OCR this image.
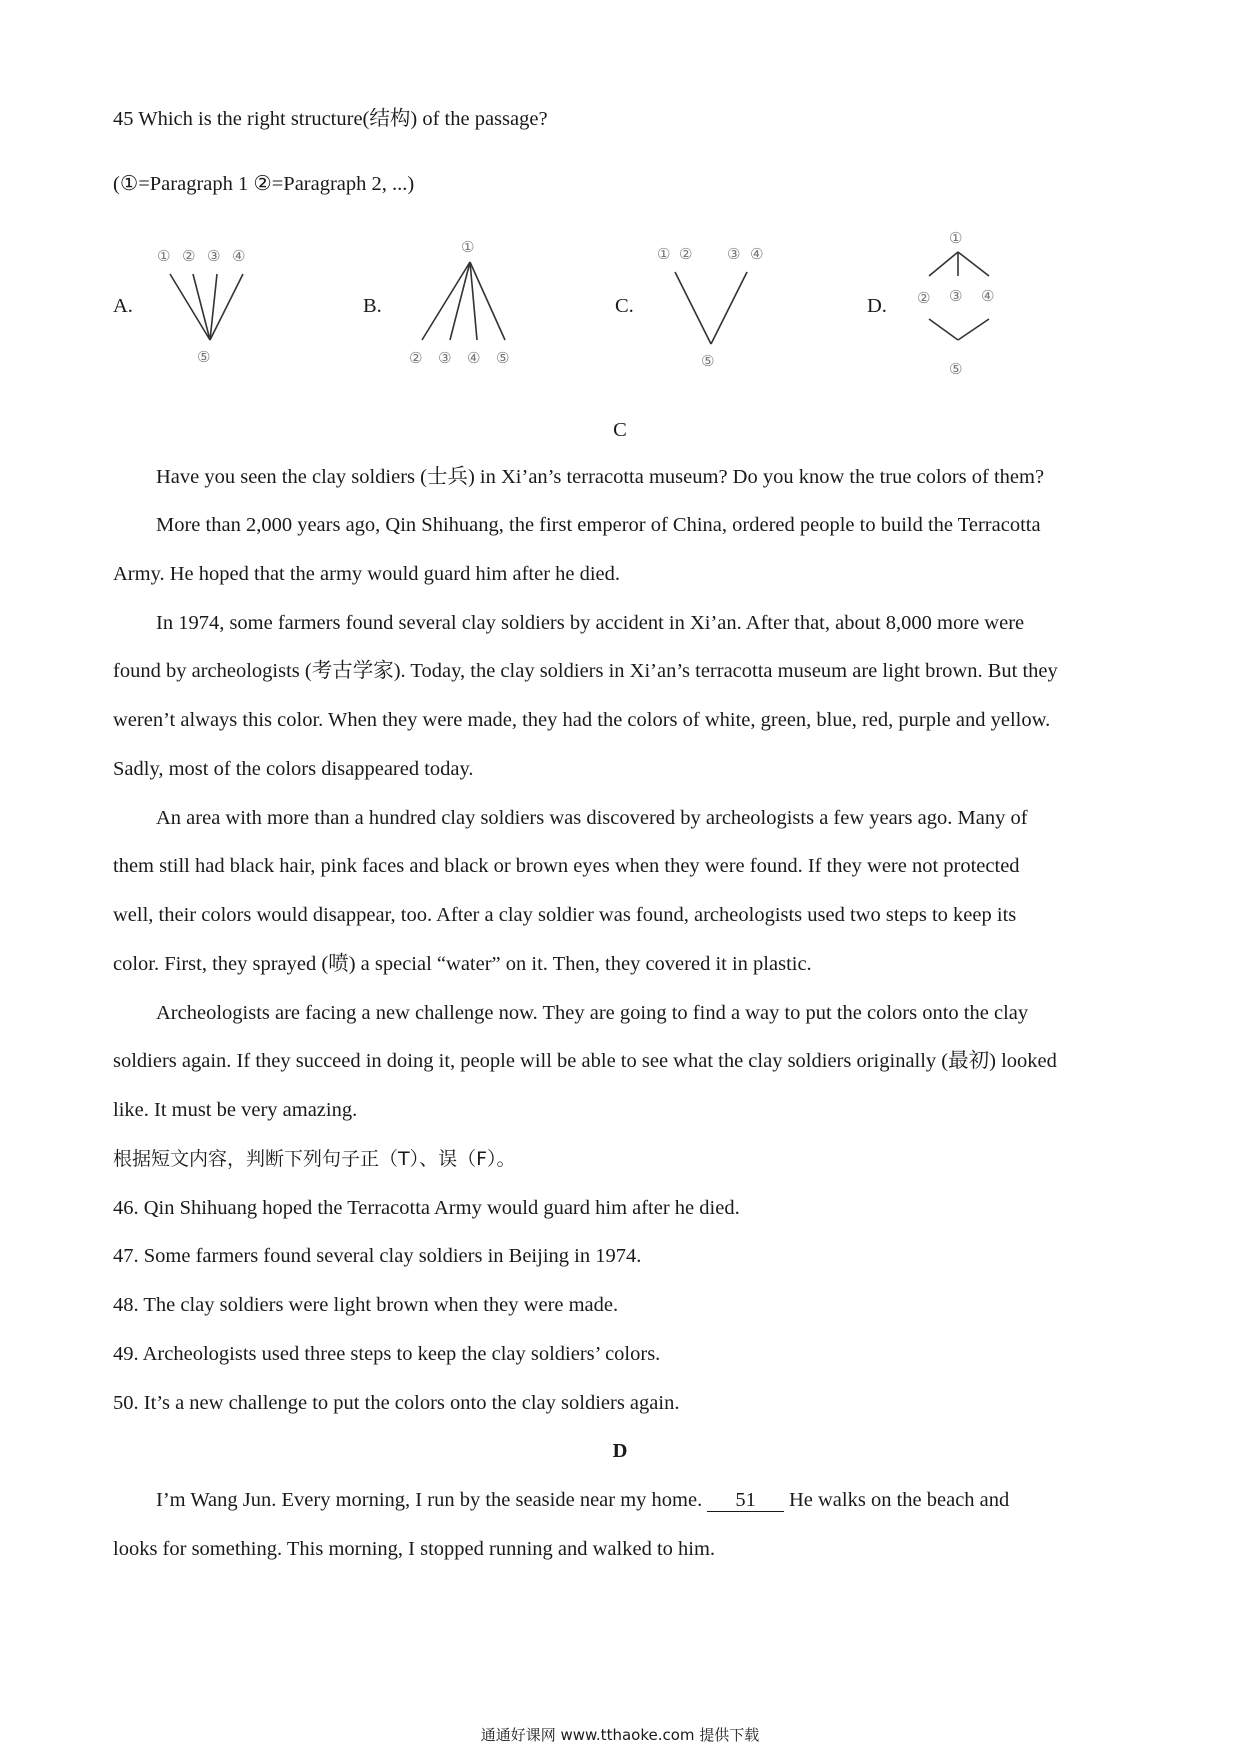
45 Which is the right structure(结构) of the passage?
(①=Paragraph 1 ②=Paragraph 2, ...)
A.
① ② ③ ④
⑤
B.
①
② ③ ④ ⑤
C.
① ② ③ ④
⑤
D.
①
② ③ ④
⑤
C
Have you seen the clay soldiers (士兵) in Xi’an’s terracotta museum? Do you know the true colors of them?
More than 2,000 years ago, Qin Shihuang, the first emperor of China, ordered people to build the Terracotta
Army. He hoped that the army would guard him after he died.
In 1974, some farmers found several clay soldiers by accident in Xi’an. After that, about 8,000 more were
found by archeologists (考古学家). Today, the clay soldiers in Xi’an’s terracotta museum are light brown. But they
weren’t always this color. When they were made, they had the colors of white, green, blue, red, purple and yellow.
Sadly, most of the colors disappeared today.
An area with more than a hundred clay soldiers was discovered by archeologists a few years ago. Many of
them still had black hair, pink faces and black or brown eyes when they were found. If they were not protected
well, their colors would disappear, too. After a clay soldier was found, archeologists used two steps to keep its
color. First, they sprayed (喷) a special “water” on it. Then, they covered it in plastic.
Archeologists are facing a new challenge now. They are going to find a way to put the colors onto the clay
soldiers again. If they succeed in doing it, people will be able to see what the clay soldiers originally (最初) looked
like. It must be very amazing.
根据短文内容，判断下列句子正（T）、误（F）。
46. Qin Shihuang hoped the Terracotta Army would guard him after he died.
47. Some farmers found several clay soldiers in Beijing in 1974.
48. The clay soldiers were light brown when they were made.
49. Archeologists used three steps to keep the clay soldiers’ colors.
50. It’s a new challenge to put the colors onto the clay soldiers again.
D
I’m Wang Jun. Every morning, I run by the seaside near my home. 51 He walks on the beach and
looks for something. This morning, I stopped running and walked to him.
通通好课网 www.tthaoke.com 提供下载
